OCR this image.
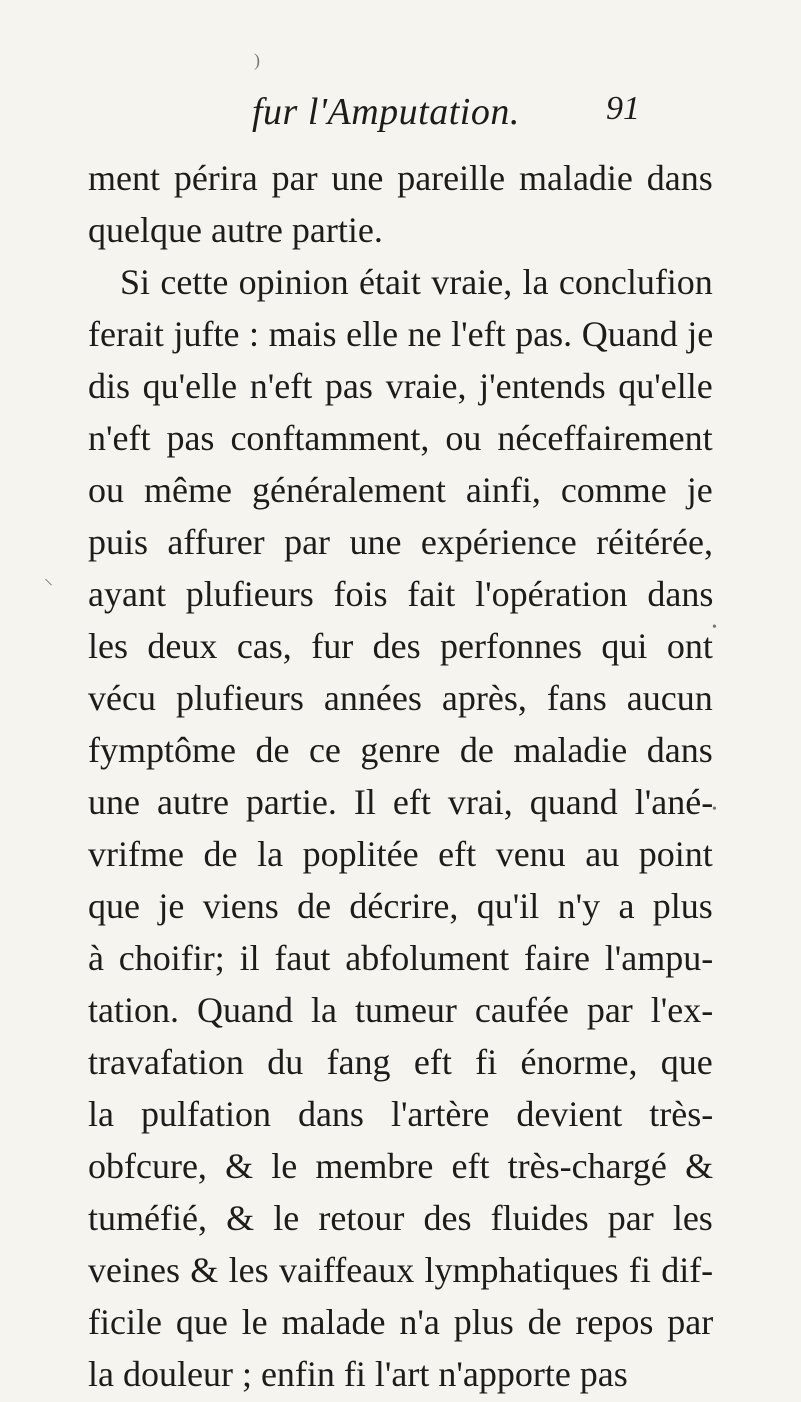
)
⸜
•
•
fur l'Amputation.	91
ment périra par une pareille maladie dans
quelque autre partie.
Si cette opinion était vraie, la conclufion
ferait jufte : mais elle ne l'eft pas. Quand je
dis qu'elle n'eft pas vraie, j'entends qu'elle
n'eft pas conftamment, ou néceffairement
ou même généralement ainfi, comme je
puis affurer par une expérience réitérée,
ayant plufieurs fois fait l'opération dans
les deux cas, fur des perfonnes qui ont
vécu plufieurs années après, fans aucun
fymptôme de ce genre de maladie dans
une autre partie. Il eft vrai, quand l'ané-
vrifme de la poplitée eft venu au point
que je viens de décrire, qu'il n'y a plus
à choifir; il faut abfolument faire l'ampu-
tation. Quand la tumeur caufée par l'ex-
travafation du fang eft fi énorme, que
la pulfation dans l'artère devient très-
obfcure, & le membre eft très-chargé &
tuméfié, & le retour des fluides par les
veines & les vaiffeaux lymphatiques fi dif-
ficile que le malade n'a plus de repos par
la douleur ; enfin fi l'art n'apporte pas
